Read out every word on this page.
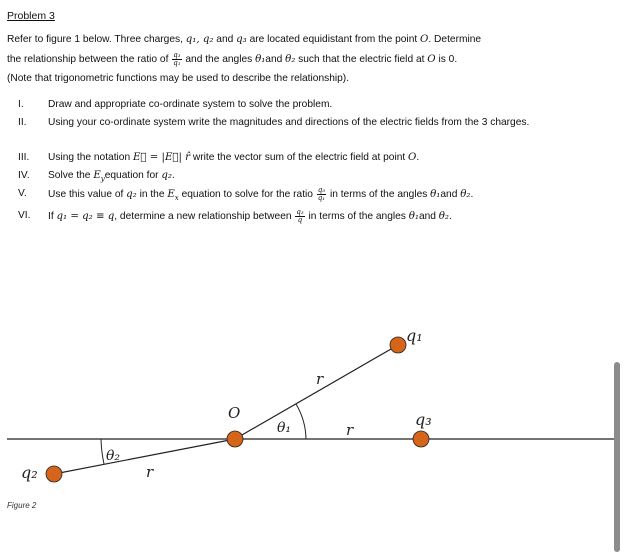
Problem 3
Refer to figure 1 below. Three charges, q₁, q₂ and q₃ are located equidistant from the point O. Determine
the relationship between the ratio of $\frac{\text{q₃}}{\text{q₁}}$ and the angles θ₁and θ₂ such that the electric field at O is 0.
(Note that trigonometric functions may be used to describe the relationship).
I. Draw and appropriate co-ordinate system to solve the problem.
II. Using your co-ordinate system write the magnitudes and directions of the electric fields from the 3 charges.
III. Using the notation E⃗ = |E⃗| r̂ write the vector sum of the electric field at point O.
IV. Solve the $E_yequation$ for q₂.
V. Use this value of q₂ in the $E_x$ equation to solve for the ratio $\frac{\text{q₃}}{\text{q₁}}$ in terms of the angles θ₁and θ₂.
VI. If q₁ = q₂ ≡ q, determine a new relationship between $\frac{\text{q₃}}{q}$ in terms of the angles θ₁and θ₂.
q₁
q₃
q₂
O
θ₁
θ₂
r
r
r
Figure 2
